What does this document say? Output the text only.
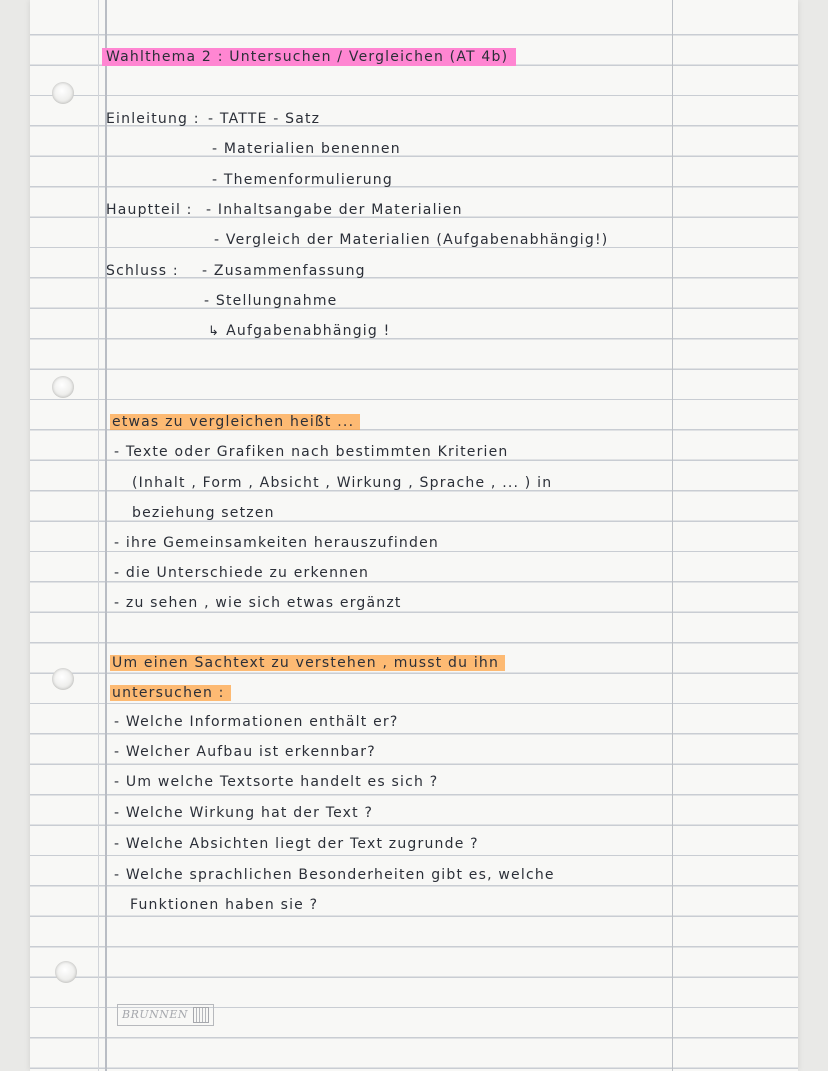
Wahlthema 2 : Untersuchen / Vergleichen (AT 4b)
Einleitung : - TATTE - Satz
- Materialien benennen
- Themenformulierung
Hauptteil : - Inhaltsangabe der Materialien
- Vergleich der Materialien (Aufgabenabhängig!)
Schluss : - Zusammenfassung
- Stellungnahme
↳ Aufgabenabhängig !
etwas zu vergleichen heißt ...
- Texte oder Grafiken nach bestimmten Kriterien
(Inhalt , Form , Absicht , Wirkung , Sprache , ... ) in
beziehung setzen
- ihre Gemeinsamkeiten herauszufinden
- die Unterschiede zu erkennen
- zu sehen , wie sich etwas ergänzt
Um einen Sachtext zu verstehen , musst du ihn
untersuchen :
- Welche Informationen enthält er?
- Welcher Aufbau ist erkennbar?
- Um welche Textsorte handelt es sich ?
- Welche Wirkung hat der Text ?
- Welche Absichten liegt der Text zugrunde ?
- Welche sprachlichen Besonderheiten gibt es, welche
Funktionen haben sie ?
BRUNNEN
